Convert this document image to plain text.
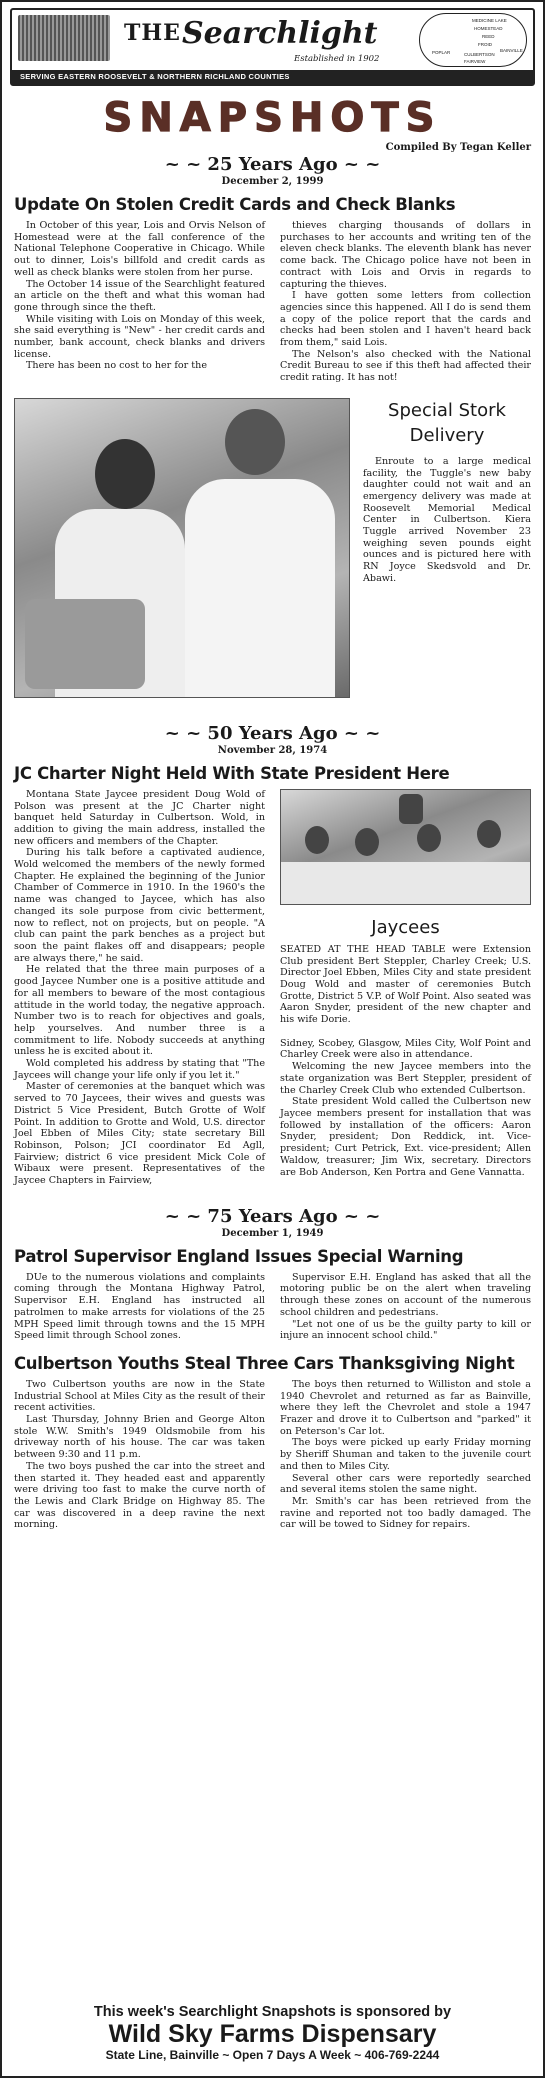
THE Searchlight
Established in 1902
MEDICINE LAKE
HOMESTEAD
REED
FROID
BAINVILLE
CULBERTSON
POPLAR
FAIRVIEW
SERVING EASTERN ROOSEVELT & NORTHERN RICHLAND COUNTIES
SNAPSHOTS
Compiled By Tegan Keller
~ ~ 25 Years Ago ~ ~
December 2, 1999
Update On Stolen Credit Cards and Check Blanks

In October of this year, Lois and Orvis Nelson of Homestead were at the fall conference of the National Telephone Cooperative in Chicago. While out to dinner, Lois's billfold and credit cards as well as check blanks were stolen from her purse.

The October 14 issue of the Searchlight featured an article on the theft and what this woman had gone through since the theft.

While visiting with Lois on Monday of this week, she said everything is "New" - her credit cards and number, bank account, check blanks and drivers license.

There has been no cost to her for the

thieves charging thousands of dollars in purchases to her accounts and writing ten of the eleven check blanks. The eleventh blank has never come back. The Chicago police have not been in contract with Lois and Orvis in regards to capturing the thieves.

I have gotten some letters from collection agencies since this happened. All I do is send them a copy of the police report that the cards and checks had been stolen and I haven't heard back from them," said Lois.

The Nelson's also checked with the National Credit Bureau to see if this theft had affected their credit rating. It has not!

Special Stork Delivery

Enroute to a large medical facility, the Tuggle's new baby daughter could not wait and an emergency delivery was made at Roosevelt Memorial Medical Center in Culbertson. Kiera Tuggle arrived November 23 weighing seven pounds eight ounces and is pictured here with RN Joyce Skedsvold and Dr. Abawi.

~ ~ 50 Years Ago ~ ~
November 28, 1974
JC Charter Night Held With State President Here

Montana State Jaycee president Doug Wold of Polson was present at the JC Charter night banquet held Saturday in Culbertson. Wold, in addition to giving the main address, installed the new officers and members of the Chapter.

During his talk before a captivated audience, Wold welcomed the members of the newly formed Chapter. He explained the beginning of the Junior Chamber of Commerce in 1910. In the 1960's the name was changed to Jaycee, which has also changed its sole purpose from civic betterment, now to reflect, not on projects, but on people. "A club can paint the park benches as a project but soon the paint flakes off and disappears; people are always there," he said.

He related that the three main purposes of a good Jaycee Number one is a positive attitude and for all members to beware of the most contagious attitude in the world today, the negative approach. Number two is to reach for objectives and goals, help yourselves. And number three is a commitment to life. Nobody succeeds at anything unless he is excited about it.

Wold completed his address by stating that "The Jaycees will change your life only if you let it."

Master of ceremonies at the banquet which was served to 70 Jaycees, their wives and guests was District 5 Vice President, Butch Grotte of Wolf Point. In addition to Grotte and Wold, U.S. director Joel Ebben of Miles City; state secretary Bill Robinson, Polson; JCI coordinator Ed Agll, Fairview; district 6 vice president Mick Cole of Wibaux were present. Representatives of the Jaycee Chapters in Fairview,

Jaycees
SEATED AT THE HEAD TABLE were Extension Club president Bert Steppler, Charley Creek; U.S. Director Joel Ebben, Miles City and state president Doug Wold and master of ceremonies Butch Grotte, District 5 V.P. of Wolf Point. Also seated was Aaron Snyder, president of the new chapter and his wife Dorie.
Sidney, Scobey, Glasgow, Miles City, Wolf Point and Charley Creek were also in attendance.

Welcoming the new Jaycee members into the state organization was Bert Steppler, president of the Charley Creek Club who extended Culbertson.

State president Wold called the Culbertson new Jaycee members present for installation that was followed by installation of the officers: Aaron Snyder, president; Don Reddick, int. Vice-president; Curt Petrick, Ext. vice-president; Allen Waldow, treasurer; Jim Wix, secretary. Directors are Bob Anderson, Ken Portra and Gene Vannatta.

~ ~ 75 Years Ago ~ ~
December 1, 1949
Patrol Supervisor England Issues Special Warning

DUe to the numerous violations and complaints coming through the Montana Highway Patrol, Supervisor E.H. England has instructed all patrolmen to make arrests for violations of the 25 MPH Speed limit through towns and the 15 MPH Speed limit through School zones.

Supervisor E.H. England has asked that all the motoring public be on the alert when traveling through these zones on account of the numerous school children and pedestrians.

"Let not one of us be the guilty party to kill or injure an innocent school child."

Culbertson Youths Steal Three Cars Thanksgiving Night

Two Culbertson youths are now in the State Industrial School at Miles City as the result of their recent activities.

Last Thursday, Johnny Brien and George Alton stole W.W. Smith's 1949 Oldsmobile from his driveway north of his house. The car was taken between 9:30 and 11 p.m.

The two boys pushed the car into the street and then started it. They headed east and apparently were driving too fast to make the curve north of the Lewis and Clark Bridge on Highway 85. The car was discovered in a deep ravine the next morning.

The boys then returned to Williston and stole a 1940 Chevrolet and returned as far as Bainville, where they left the Chevrolet and stole a 1947 Frazer and drove it to Culbertson and "parked" it on Peterson's Car lot.

The boys were picked up early Friday morning by Sheriff Shuman and taken to the juvenile court and then to Miles City.

Several other cars were reportedly searched and several items stolen the same night.

Mr. Smith's car has been retrieved from the ravine and reported not too badly damaged. The car will be towed to Sidney for repairs.

This week's Searchlight Snapshots is sponsored by
Wild Sky Farms Dispensary
State Line, Bainville ~ Open 7 Days A Week ~ 406-769-2244
